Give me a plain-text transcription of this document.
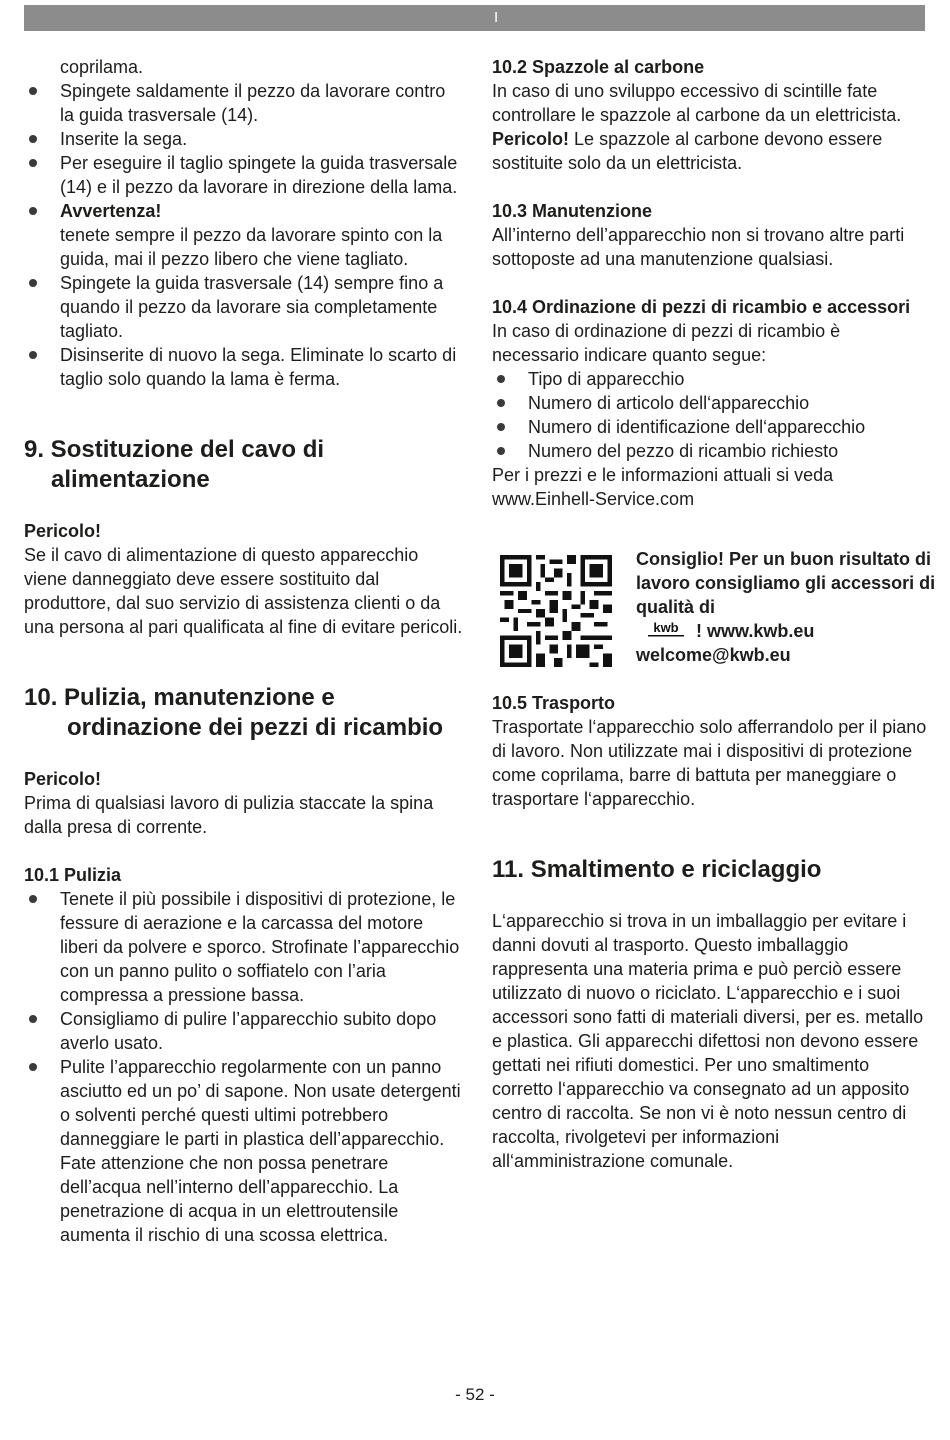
I

coprilama.

Spingete saldamente il pezzo da lavorare contro la guida trasversale (14).
Inserite la sega.
Per eseguire il taglio spingete la guida trasversale (14) e il pezzo da lavorare in direzione della lama.
Avvertenza!
tenete sempre il pezzo da lavorare spinto con la guida, mai il pezzo libero che viene tagliato.
Spingete la guida trasversale (14) sempre fino a quando il pezzo da lavorare sia completamente tagliato.
Disinserite di nuovo la sega. Eliminate lo scarto di taglio solo quando la lama è ferma.
9. Sostituzione del cavo di alimentazione

Pericolo!

Se il cavo di alimentazione di questo apparecchio viene danneggiato deve essere sostituito dal produttore, dal suo servizio di assistenza clienti o da una persona al pari qualificata al fine di evitare pericoli.

10. Pulizia, manutenzione e ordinazione dei pezzi di ricambio

Pericolo!

Prima di qualsiasi lavoro di pulizia staccate la spina dalla presa di corrente.

10.1 Pulizia
Tenete il più possibile i dispositivi di protezione, le fessure di aerazione e la carcassa del motore liberi da polvere e sporco. Strofinate l’apparecchio con un panno pulito o soffiatelo con l’aria compressa a pressione bassa.
Consigliamo di pulire l’apparecchio subito dopo averlo usato.
Pulite l’apparecchio regolarmente con un panno asciutto ed un po’ di sapone. Non usate detergenti o solventi perché questi ultimi potrebbero danneggiare le parti in plastica dell’apparecchio. Fate attenzione che non possa penetrare dell’acqua nell’interno dell’apparecchio. La penetrazione di acqua in un elettroutensile aumenta il rischio di una scossa elettrica.
10.2 Spazzole al carbone

In caso di uno sviluppo eccessivo di scintille fate controllare le spazzole al carbone da un elettricista.

Pericolo! Le spazzole al carbone devono essere sostituite solo da un elettricista.

10.3 Manutenzione

All’interno dell’apparecchio non si trovano altre parti sottoposte ad una manutenzione qualsiasi.

10.4 Ordinazione di pezzi di ricambio e accessori

In caso di ordinazione di pezzi di ricambio è necessario indicare quanto segue:

Tipo di apparecchio
Numero di articolo dell‘apparecchio
Numero di identificazione dell‘apparecchio
Numero del pezzo di ricambio richiesto

Per i prezzi e le informazioni attuali si veda www.Einhell-Service.com

Consiglio! Per un buon risultato di lavoro consigliamo gli accessori di qualità di

kwb ! www.kwb.eu
welcome@kwb.eu
10.5 Trasporto

Trasportate l‘apparecchio solo afferrandolo per il piano di lavoro. Non utilizzate mai i dispositivi di protezione come coprilama, barre di battuta per maneggiare o trasportare l‘apparecchio.

11. Smaltimento e riciclaggio

L‘apparecchio si trova in un imballaggio per evitare i danni dovuti al trasporto. Questo imballaggio rappresenta una materia prima e può perciò essere utilizzato di nuovo o riciclato. L‘apparecchio e i suoi accessori sono fatti di materiali diversi, per es. metallo e plastica. Gli apparecchi difettosi non devono essere gettati nei rifiuti domestici. Per uno smaltimento corretto l‘apparecchio va consegnato ad un apposito centro di raccolta. Se non vi è noto nessun centro di raccolta, rivolgetevi per informazioni all‘amministrazione comunale.

- 52 -
